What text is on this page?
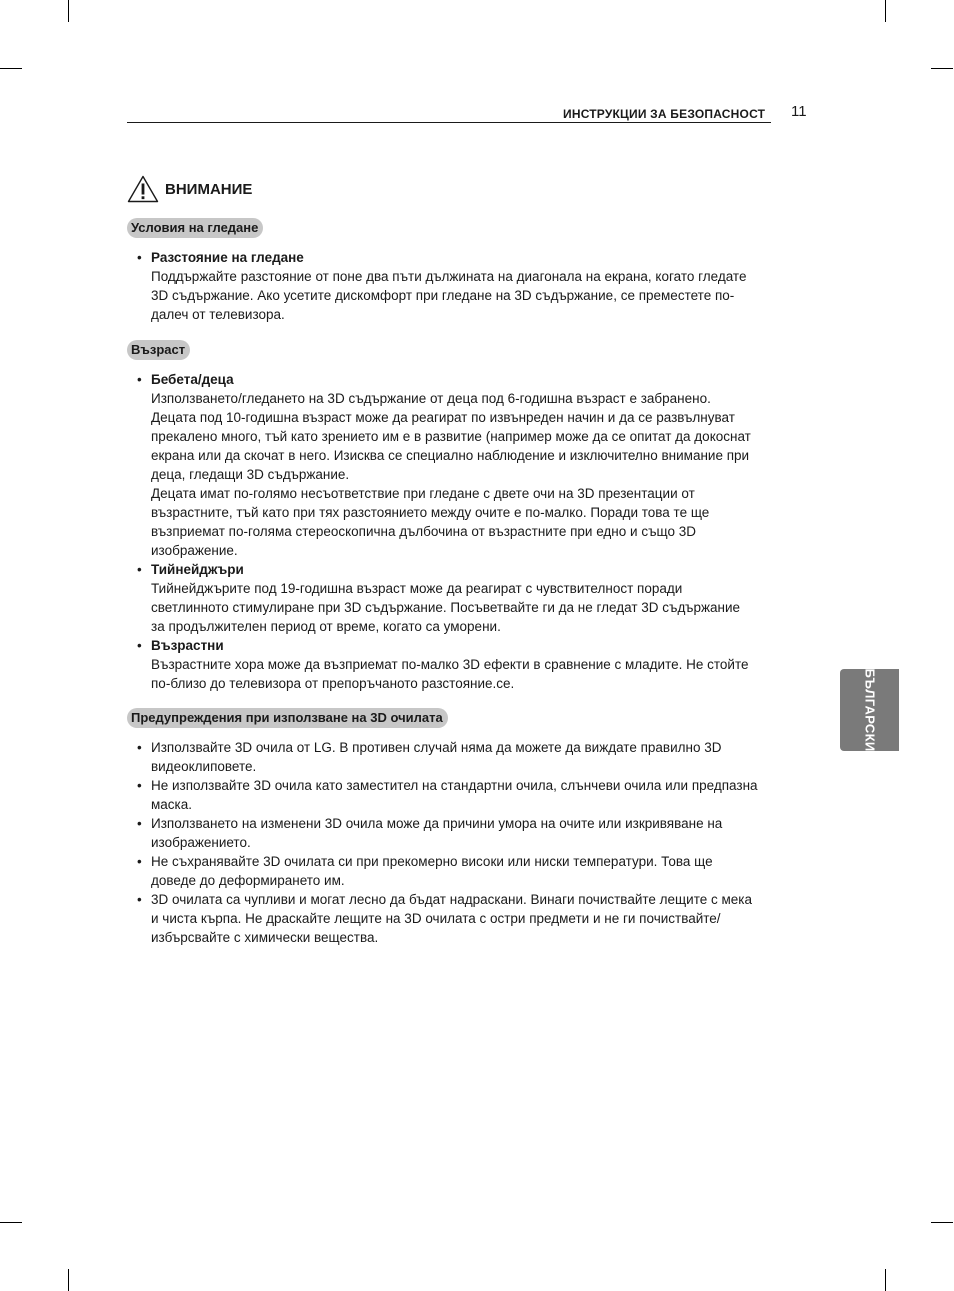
ИНСТРУКЦИИ ЗА БЕЗОПАСНОСТ 11
ВНИМАНИЕ
Условия на гледане
• Разстояние на гледане

Поддържайте разстояние от поне два пъти дължината на диагонала на екрана, когато гледате

3D съдържание. Ако усетите дискомфорт при гледане на 3D съдържание, се преместете по-

далеч от телевизора.

Възраст
• Бебета/деца

Използването/гледането на 3D съдържание от деца под 6-годишна възраст е забранено.

Децата под 10-годишна възраст може да реагират по извънреден начин и да се развълнуват

прекалено много, тъй като зрението им е в развитие (например може да се опитат да докоснат

екрана или да скочат в него. Изисква се специално наблюдение и изключително внимание при

деца, гледащи 3D съдържание.

Децата имат по-голямо несъответствие при гледане с двете очи на 3D презентации от

възрастните, тъй като при тях разстоянието между очите е по-малко. Поради това те ще

възприемат по-голяма стереоскопична дълбочина от възрастните при едно и също 3D

изображение.

• Тийнейджъри

Тийнейджърите под 19-годишна възраст може да реагират с чувствителност поради

светлинното стимулиране при 3D съдържание. Посъветвайте ги да не гледат 3D съдържание

за продължителен период от време, когато са уморени.

• Възрастни

Възрастните хора може да възприемат по-малко 3D ефекти в сравнение с младите. Не стойте

по-близо до телевизора от препоръчаното разстояние.се.

Предупреждения при използване на 3D очилата
• Използвайте 3D очила от LG. В противен случай няма да можете да виждате правилно 3D

видеоклиповете.

• Не използвайте 3D очила като заместител на стандартни очила, слънчеви очила или предпазна

маска.

• Използването на изменени 3D очила може да причини умора на очите или изкривяване на

изображението.

• Не съхранявайте 3D очилата си при прекомерно високи или ниски температури. Това ще

доведе до деформирането им.

• 3D очилата са чупливи и могат лесно да бъдат надраскани. Винаги почиствайте лещите с мека

и чиста кърпа. Не драскайте лещите на 3D очилата с остри предмети и не ги почиствайте/

избърсвайте с химически вещества.

БЪЛГАРСКИ
